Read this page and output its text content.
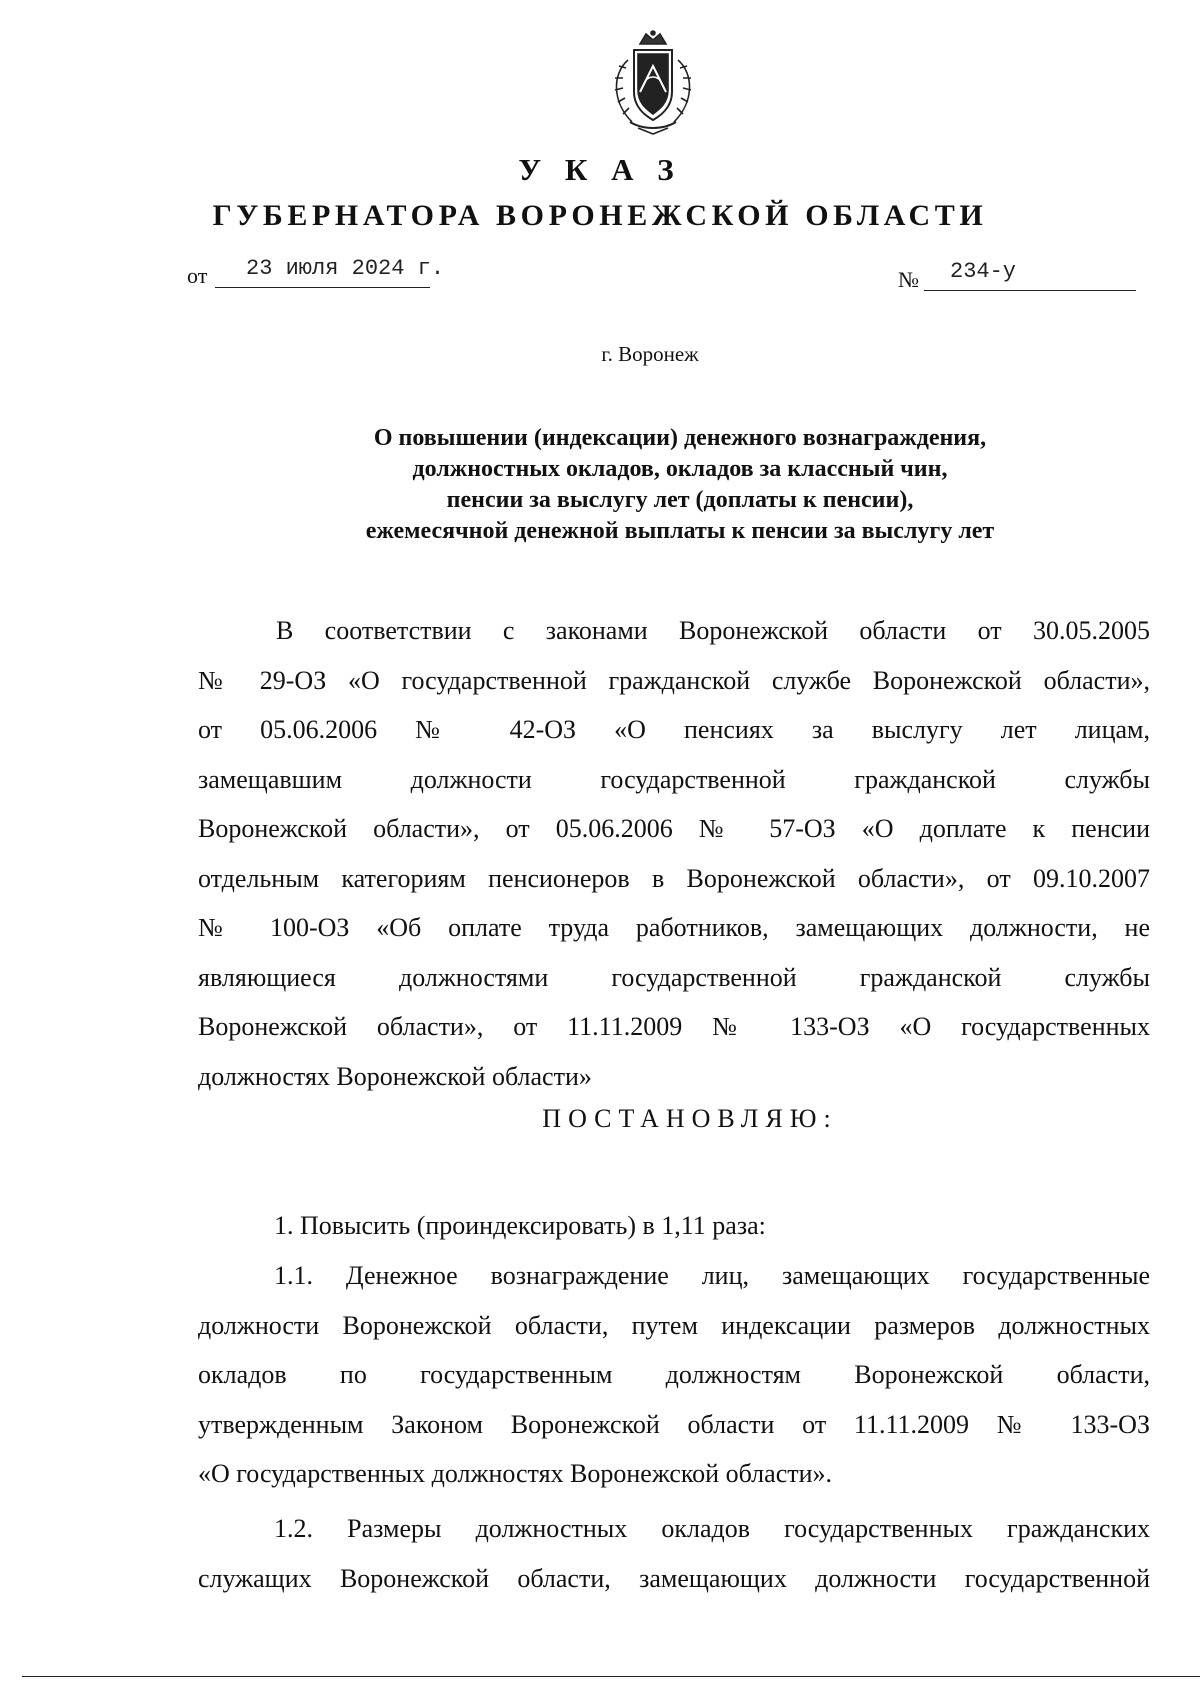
У К А З
ГУБЕРНАТОРА ВОРОНЕЖСКОЙ ОБЛАСТИ
от 23 июля 2024 г.	№ 234-у
г. Воронеж
О повышении (индексации) денежного вознаграждения,
должностных окладов, окладов за классный чин,
пенсии за выслугу лет (доплаты к пенсии),
ежемесячной денежной выплаты к пенсии за выслугу лет
В соответствии с законами Воронежской области от 30.05.2005
№ 29-ОЗ «О государственной гражданской службе Воронежской области»,
от 05.06.2006 № 42-ОЗ «О пенсиях за выслугу лет лицам,
замещавшим должности государственной гражданской службы
Воронежской области», от 05.06.2006 № 57-ОЗ «О доплате к пенсии
отдельным категориям пенсионеров в Воронежской области», от 09.10.2007
№ 100-ОЗ «Об оплате труда работников, замещающих должности, не
являющиеся должностями государственной гражданской службы
Воронежской области», от 11.11.2009 № 133-ОЗ «О государственных
должностях Воронежской области»
ПОСТАНОВЛЯЮ:
1. Повысить (проиндексировать) в 1,11 раза:
1.1. Денежное вознаграждение лиц, замещающих государственные
должности Воронежской области, путем индексации размеров должностных
окладов по государственным должностям Воронежской области,
утвержденным Законом Воронежской области от 11.11.2009 № 133-ОЗ
«О государственных должностях Воронежской области».
1.2. Размеры должностных окладов государственных гражданских
служащих Воронежской области, замещающих должности государственной
